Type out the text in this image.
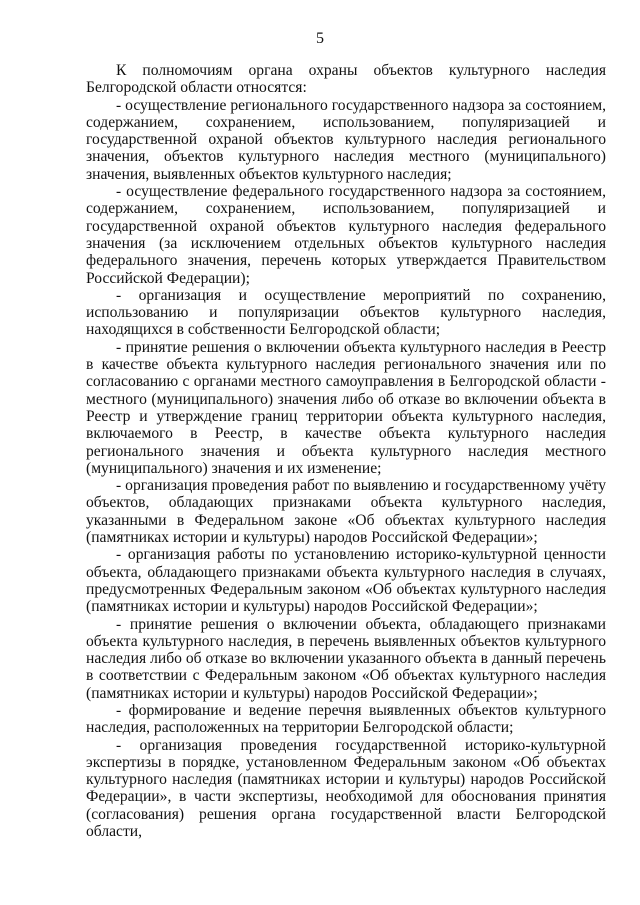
5

К полномочиям органа охраны объектов культурного наследия Белгородской области относятся:

- осуществление регионального государственного надзора за состоянием, содержанием, сохранением, использованием, популяризацией и государственной охраной объектов культурного наследия регионального значения, объектов культурного наследия местного (муниципального) значения, выявленных объектов культурного наследия;

- осуществление федерального государственного надзора за состоянием, содержанием, сохранением, использованием, популяризацией и государственной охраной объектов культурного наследия федерального значения (за исключением отдельных объектов культурного наследия федерального значения, перечень которых утверждается Правительством Российской Федерации);

- организация и осуществление мероприятий по сохранению, использованию и популяризации объектов культурного наследия, находящихся в собственности Белгородской области;

- принятие решения о включении объекта культурного наследия в Реестр в качестве объекта культурного наследия регионального значения или по согласованию с органами местного самоуправления в Белгородской области - местного (муниципального) значения либо об отказе во включении объекта в Реестр и утверждение границ территории объекта культурного наследия, включаемого в Реестр, в качестве объекта культурного наследия регионального значения и объекта культурного наследия местного (муниципального) значения и их изменение;

- организация проведения работ по выявлению и государственному учёту объектов, обладающих признаками объекта культурного наследия, указанными в Федеральном законе «Об объектах культурного наследия (памятниках истории и культуры) народов Российской Федерации»;

- организация работы по установлению историко-культурной ценности объекта, обладающего признаками объекта культурного наследия в случаях, предусмотренных Федеральным законом «Об объектах культурного наследия (памятниках истории и культуры) народов Российской Федерации»;

- принятие решения о включении объекта, обладающего признаками объекта культурного наследия, в перечень выявленных объектов культурного наследия либо об отказе во включении указанного объекта в данный перечень в соответствии с Федеральным законом «Об объектах культурного наследия (памятниках истории и культуры) народов Российской Федерации»;

- формирование и ведение перечня выявленных объектов культурного наследия, расположенных на территории Белгородской области;

- организация проведения государственной историко-культурной экспертизы в порядке, установленном Федеральным законом «Об объектах культурного наследия (памятниках истории и культуры) народов Российской Федерации», в части экспертизы, необходимой для обоснования принятия (согласования) решения органа государственной власти Белгородской области,
